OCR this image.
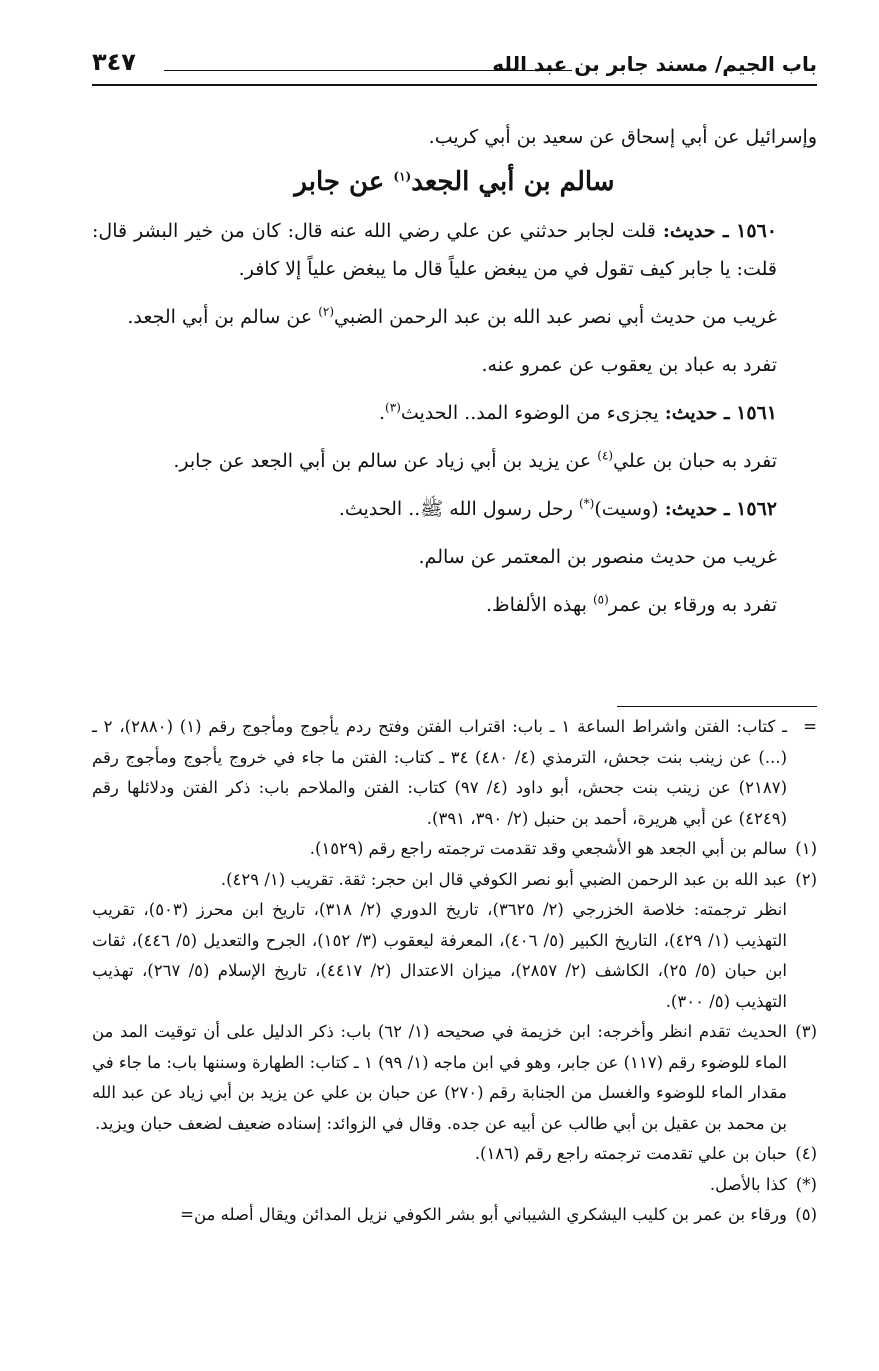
باب الجيم/ مسند جابر بن عبد الله
٣٤٧

وإسرائيل عن أبي إسحاق عن سعيد بن أبي كريب.

سالم بن أبي الجعد$^{(١)}$ عن جابر

١٥٦٠ ـ حديث: قلت لجابر حدثني عن علي رضي الله عنه قال: كان من خير البشر قال: قلت: يا جابر كيف تقول في من يبغض علياً قال ما يبغض علياً إلا كافر.

غريب من حديث أبي نصر عبد الله بن عبد الرحمن الضبي$^{(٢)}$ عن سالم بن أبي الجعد.

تفرد به عباد بن يعقوب عن عمرو عنه.

١٥٦١ ـ حديث: يجزىء من الوضوء المد.. الحديث$^{(٣)}$.

تفرد به حبان بن علي$^{(٤)}$ عن يزيد بن أبي زياد عن سالم بن أبي الجعد عن جابر.

١٥٦٢ ـ حديث: (وسيت)(*) رحل رسول الله ﷺ.. الحديث.

غريب من حديث منصور بن المعتمر عن سالم.

تفرد به ورقاء بن عمر$^{(٥)}$ بهذه الألفاظ.

=
ـ كتاب: الفتن واشراط الساعة ١ ـ باب: اقتراب الفتن وفتح ردم يأجوج ومأجوج رقم (١) (٢٨٨٠)، ٢ ـ (...) عن زينب بنت جحش، الترمذي (٤/ ٤٨٠) ٣٤ ـ كتاب: الفتن ما جاء في خروج يأجوج ومأجوج رقم (٢١٨٧) عن زينب بنت جحش، أبو داود (٤/ ٩٧) كتاب: الفتن والملاحم باب: ذكر الفتن ودلائلها رقم (٤٢٤٩) عن أبي هريرة، أحمد بن حنبل (٢/ ٣٩٠، ٣٩١).
(١)
سالم بن أبي الجعد هو الأشجعي وقد تقدمت ترجمته راجع رقم (١٥٢٩).
(٢)
عبد الله بن عبد الرحمن الضبي أبو نصر الكوفي قال ابن حجر: ثقة. تقريب (١/ ٤٢٩).
انظر ترجمته: خلاصة الخزرجي (٢/ ٣٦٢٥)، تاريخ الدوري (٢/ ٣١٨)، تاريخ ابن محرز (٥٠٣)، تقريب التهذيب (١/ ٤٢٩)، التاريخ الكبير (٥/ ٤٠٦)، المعرفة ليعقوب (٣/ ١٥٢)، الجرح والتعديل (٥/ ٤٤٦)، ثقات ابن حبان (٥/ ٢٥)، الكاشف (٢/ ٢٨٥٧)، ميزان الاعتدال (٢/ ٤٤١٧)، تاريخ الإسلام (٥/ ٢٦٧)، تهذيب التهذيب (٥/ ٣٠٠).
(٣)
الحديث تقدم انظر وأخرجه: ابن خزيمة في صحيحه (١/ ٦٢) باب: ذكر الدليل على أن توقيت المد من الماء للوضوء رقم (١١٧) عن جابر، وهو في ابن ماجه (١/ ٩٩) ١ ـ كتاب: الطهارة وسننها باب: ما جاء في مقدار الماء للوضوء والغسل من الجنابة رقم (٢٧٠) عن حبان بن علي عن يزيد بن أبي زياد عن عبد الله بن محمد بن عقيل بن أبي طالب عن أبيه عن جده. وقال في الزوائد: إسناده ضعيف لضعف حبان ويزيد.
(٤)
حبان بن علي تقدمت ترجمته راجع رقم (١٨٦).
(*)
كذا بالأصل.
(٥)
ورقاء بن عمر بن كليب اليشكري الشيباني أبو بشر الكوفي نزيل المدائن ويقال أصله من=
